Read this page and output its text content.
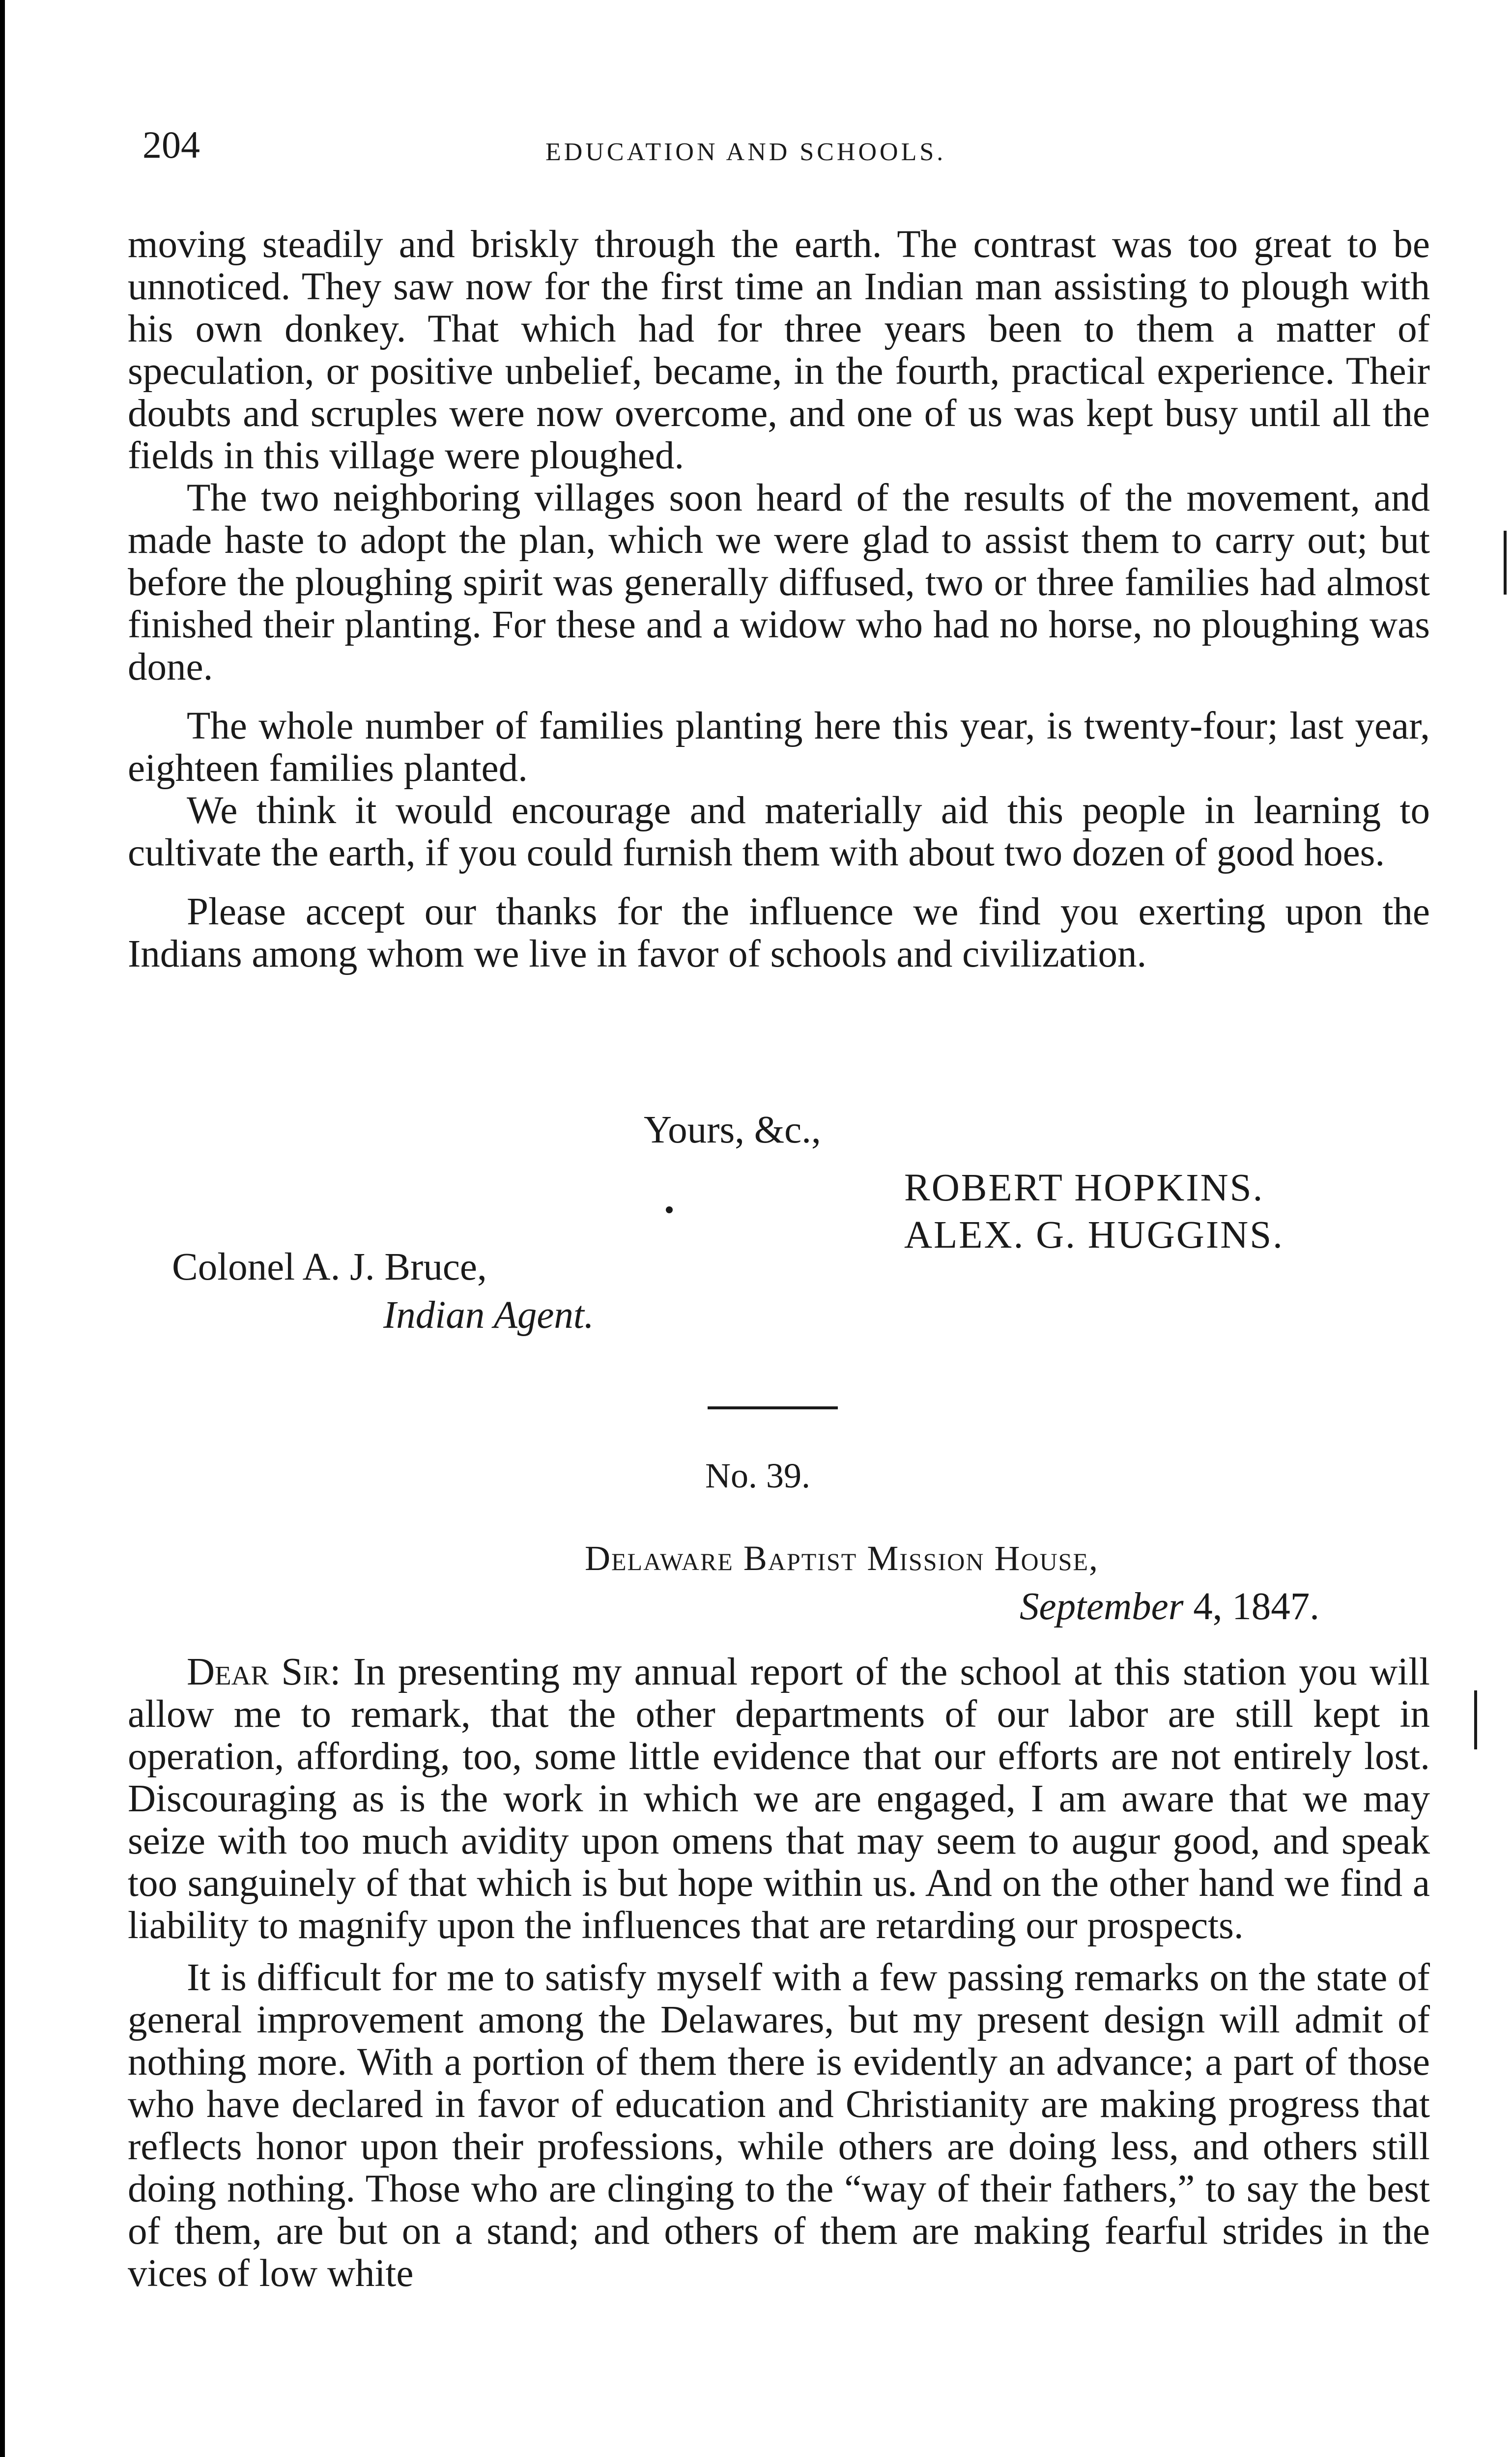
204	EDUCATION AND SCHOOLS.

moving steadily and briskly through the earth. The contrast was too great to be unnoticed. They saw now for the first time an Indian man assisting to plough with his own donkey. That which had for three years been to them a matter of speculation, or positive unbelief, became, in the fourth, practical experience. Their doubts and scruples were now overcome, and one of us was kept busy until all the fields in this village were ploughed.

The two neighboring villages soon heard of the results of the movement, and made haste to adopt the plan, which we were glad to assist them to carry out; but before the ploughing spirit was generally diffused, two or three families had almost finished their planting. For these and a widow who had no horse, no ploughing was done.

The whole number of families planting here this year, is twenty-four; last year, eighteen families planted.

We think it would encourage and materially aid this people in learning to cultivate the earth, if you could furnish them with about two dozen of good hoes.

Please accept our thanks for the influence we find you exerting upon the Indians among whom we live in favor of schools and civilization.

Yours, &c.,
ROBERT HOPKINS.
ALEX. G. HUGGINS.
Colonel A. J. Bruce,
Indian Agent.
No. 39.
Delaware Baptist Mission House,
September 4, 1847.

Dear Sir: In presenting my annual report of the school at this station you will allow me to remark, that the other departments of our labor are still kept in operation, affording, too, some little evidence that our efforts are not entirely lost. Discouraging as is the work in which we are engaged, I am aware that we may seize with too much avidity upon omens that may seem to augur good, and speak too sanguinely of that which is but hope within us. And on the other hand we find a liability to magnify upon the influences that are retarding our prospects.

It is difficult for me to satisfy myself with a few passing remarks on the state of general improvement among the Delawares, but my present design will admit of nothing more. With a portion of them there is evidently an advance; a part of those who have declared in favor of education and Christianity are making progress that reflects honor upon their professions, while others are doing less, and others still doing nothing. Those who are clinging to the “way of their fathers,” to say the best of them, are but on a stand; and others of them are making fearful strides in the vices of low white
